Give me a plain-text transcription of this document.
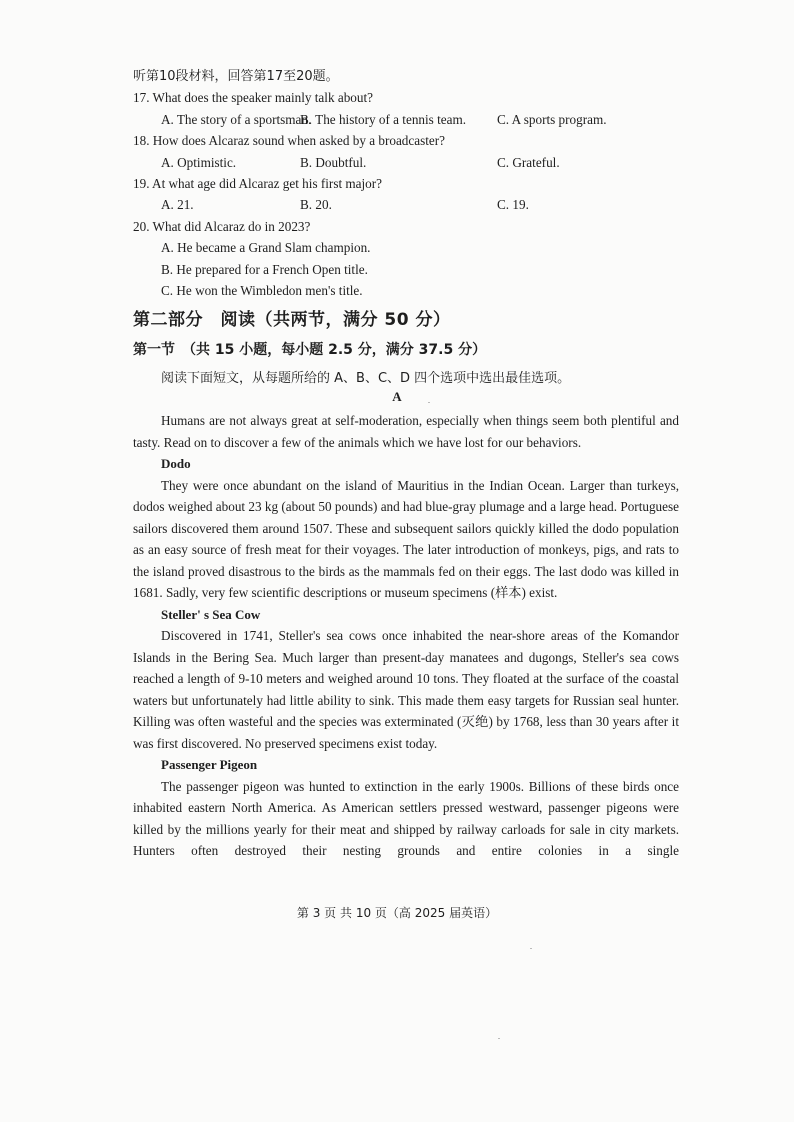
听第10段材料，回答第17至20题。
17. What does the speaker mainly talk about?
A. The story of a sportsman.
B. The history of a tennis team.	C. A sports program.
18. How does Alcaraz sound when asked by a broadcaster?
A. Optimistic.	B. Doubtful.	C. Grateful.
19. At what age did Alcaraz get his first major?
A. 21.	B. 20.	C. 19.
20. What did Alcaraz do in 2023?
A. He became a Grand Slam champion.
B. He prepared for a French Open title.
C. He won the Wimbledon men's title.
第二部分　阅读（共两节，满分 50 分）
第一节　（共 15 小题，每小题 2.5 分，满分 37.5 分）
阅读下面短文，从每题所给的 A、B、C、D 四个选项中选出最佳选项。
A

Humans are not always great at self-moderation, especially when things seem both plentiful and tasty. Read on to discover a few of the animals which we have lost for our behaviors.

Dodo

They were once abundant on the island of Mauritius in the Indian Ocean. Larger than turkeys, dodos weighed about 23 kg (about 50 pounds) and had blue-gray plumage and a large head. Portuguese sailors discovered them around 1507. These and subsequent sailors quickly killed the dodo population as an easy source of fresh meat for their voyages. The later introduction of monkeys, pigs, and rats to the island proved disastrous to the birds as the mammals fed on their eggs. The last dodo was killed in 1681. Sadly, very few scientific descriptions or museum specimens (样本) exist.

Steller' s Sea Cow

Discovered in 1741, Steller's sea cows once inhabited the near-shore areas of the Komandor Islands in the Bering Sea. Much larger than present-day manatees and dugongs, Steller's sea cows reached a length of 9-10 meters and weighed around 10 tons. They floated at the surface of the coastal waters but unfortunately had little ability to sink. This made them easy targets for Russian seal hunter. Killing was often wasteful and the species was exterminated (灭绝) by 1768, less than 30 years after it was first discovered. No preserved specimens exist today.

Passenger Pigeon

The passenger pigeon was hunted to extinction in the early 1900s. Billions of these birds once inhabited eastern North America. As American settlers pressed westward, passenger pigeons were killed by the millions yearly for their meat and shipped by railway carloads for sale in city markets. Hunters often destroyed their nesting grounds and entire colonies in a single

第 3 页 共 10 页（高 2025 届英语）
